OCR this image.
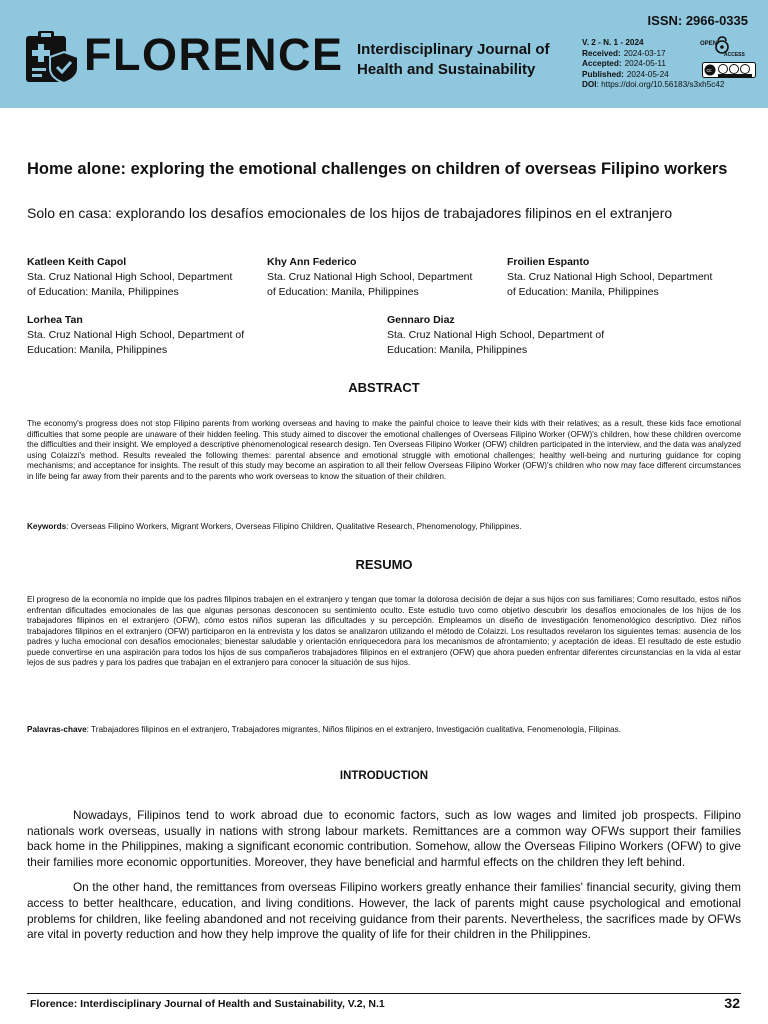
ISSN: 2966-0335
FLORENCE Interdisciplinary Journal of
Health and Sustainability
V. 2 - N. 1 - 2024
Received: 2024-03-17
Accepted: 2024-05-11
Published: 2024-05-24
DOI: https://doi.org/10.56183/s3xh5c42
OPEN
ACCESS
cc
Home alone: exploring the emotional challenges on children of overseas Filipino workers
Solo en casa: explorando los desafíos emocionales de los hijos de trabajadores filipinos en el extranjero
Katleen Keith Capol
Sta. Cruz National High School, Department
of Education: Manila, Philippines
Khy Ann Federico
Sta. Cruz National High School, Department
of Education: Manila, Philippines
Froilien Espanto
Sta. Cruz National High School, Department
of Education: Manila, Philippines
Lorhea Tan
Sta. Cruz National High School, Department of
Education: Manila, Philippines
Gennaro Diaz
Sta. Cruz National High School, Department of
Education: Manila, Philippines
ABSTRACT
The economy's progress does not stop Filipino parents from working overseas and having to make the painful choice to leave their kids with their relatives; as a result, these kids face emotional difficulties that some people are unaware of their hidden feeling. This study aimed to discover the emotional challenges of Overseas Filipino Worker (OFW)'s children, how these children overcome the difficulties and their insight. We employed a descriptive phenomenological research design. Ten Overseas Filipino Worker (OFW) children participated in the interview, and the data was analyzed using Colaizzi's method. Results revealed the following themes: parental absence and emotional struggle with emotional challenges; healthy well-being and nurturing guidance for coping mechanisms; and acceptance for insights. The result of this study may become an aspiration to all their fellow Overseas Filipino Worker (OFW)'s children who now may face different circumstances in life being far away from their parents and to the parents who work overseas to know the situation of their children.
Keywords: Overseas Filipino Workers, Migrant Workers, Overseas Filipino Children, Qualitative Research, Phenomenology, Philippines.
RESUMO
El progreso de la economía no impide que los padres filipinos trabajen en el extranjero y tengan que tomar la dolorosa decisión de dejar a sus hijos con sus familiares; Como resultado, estos niños enfrentan dificultades emocionales de las que algunas personas desconocen su sentimiento oculto. Este estudio tuvo como objetivo descubrir los desafíos emocionales de los hijos de los trabajadores filipinos en el extranjero (OFW), cómo estos niños superan las dificultades y su percepción. Empleamos un diseño de investigación fenomenológico descriptivo. Diez niños trabajadores filipinos en el extranjero (OFW) participaron en la entrevista y los datos se analizaron utilizando el método de Colaizzi. Los resultados revelaron los siguientes temas: ausencia de los padres y lucha emocional con desafíos emocionales; bienestar saludable y orientación enriquecedora para los mecanismos de afrontamiento; y aceptación de ideas. El resultado de este estudio puede convertirse en una aspiración para todos los hijos de sus compañeros trabajadores filipinos en el extranjero (OFW) que ahora pueden enfrentar diferentes circunstancias en la vida al estar lejos de sus padres y para los padres que trabajan en el extranjero para conocer la situación de sus hijos.
Palavras-chave: Trabajadores filipinos en el extranjero, Trabajadores migrantes, Niños filipinos en el extranjero, Investigación cualitativa, Fenomenología, Filipinas.
INTRODUCTION

Nowadays, Filipinos tend to work abroad due to economic factors, such as low wages and limited job prospects. Filipino nationals work overseas, usually in nations with strong labour markets. Remittances are a common way OFWs support their families back home in the Philippines, making a significant economic contribution. Somehow, allow the Overseas Filipino Workers (OFW) to give their families more economic opportunities. Moreover, they have beneficial and harmful effects on the children they left behind.

On the other hand, the remittances from overseas Filipino workers greatly enhance their families' financial security, giving them access to better healthcare, education, and living conditions. However, the lack of parents might cause psychological and emotional problems for children, like feeling abandoned and not receiving guidance from their parents. Nevertheless, the sacrifices made by OFWs are vital in poverty reduction and how they help improve the quality of life for their children in the Philippines.

Florence: Interdisciplinary Journal of Health and Sustainability, V.2, N.1	32
